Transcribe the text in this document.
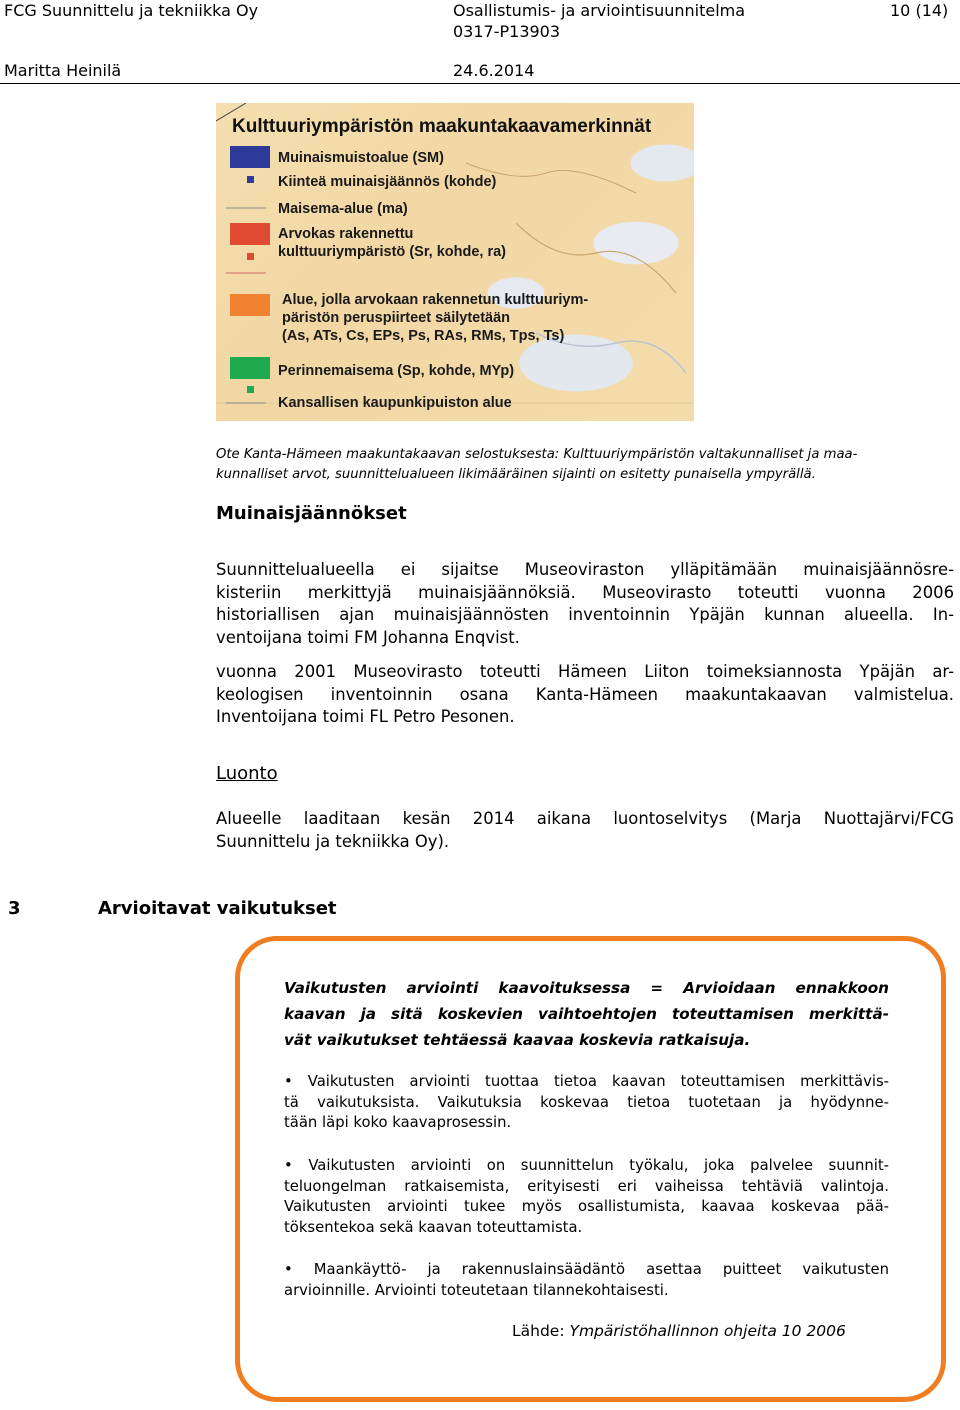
FCG Suunnittelu ja tekniikka Oy	Osallistumis- ja arviointisuunnitelma
0317-P13903
10 (14)
Maritta Heinilä	24.6.2014
Kulttuuriympäristön maakuntakaavamerkinnät
Muinaismuistoalue (SM)
Kiinteä muinaisjäännös (kohde)
Maisema-alue (ma)
Arvokas rakennettu
kulttuuriympäristö (Sr, kohde, ra)
Alue, jolla arvokaan rakennetun kulttuuriym-
päristön peruspiirteet säilytetään
(As, ATs, Cs, EPs, Ps, RAs, RMs, Tps, Ts)
Perinnemaisema (Sp, kohde, MYp)
Kansallisen kaupunkipuiston alue
Ote Kanta-Hämeen maakuntakaavan selostuksesta: Kulttuuriympäristön valtakunnalliset ja maa-
kunnalliset arvot, suunnittelualueen likimääräinen sijainti on esitetty punaisella ympyrällä.
Muinaisjäännökset
Suunnittelualueella ei sijaitse Museoviraston ylläpitämään muinaisjäännösre-
kisteriin merkittyjä muinaisjäännöksiä. Museovirasto toteutti vuonna 2006
historiallisen ajan muinaisjäännösten inventoinnin Ypäjän kunnan alueella. In-
ventoijana toimi FM Johanna Enqvist.
vuonna 2001 Museovirasto toteutti Hämeen Liiton toimeksiannosta Ypäjän ar-
keologisen inventoinnin osana Kanta-Hämeen maakuntakaavan valmistelua.
Inventoijana toimi FL Petro Pesonen.
Luonto
Alueelle laaditaan kesän 2014 aikana luontoselvitys (Marja Nuottajärvi/FCG
Suunnittelu ja tekniikka Oy).
3	Arvioitavat vaikutukset
Vaikutusten arviointi kaavoituksessa = Arvioidaan ennakkoon
kaavan ja sitä koskevien vaihtoehtojen toteuttamisen merkittä-
vät vaikutukset tehtäessä kaavaa koskevia ratkaisuja.
• Vaikutusten arviointi tuottaa tietoa kaavan toteuttamisen merkittävis-
tä vaikutuksista. Vaikutuksia koskevaa tietoa tuotetaan ja hyödynne-
tään läpi koko kaavaprosessin.
• Vaikutusten arviointi on suunnittelun työkalu, joka palvelee suunnit-
teluongelman ratkaisemista, erityisesti eri vaiheissa tehtäviä valintoja.
Vaikutusten arviointi tukee myös osallistumista, kaavaa koskevaa pää-
töksentekoa sekä kaavan toteuttamista.
• Maankäyttö- ja rakennuslainsäädäntö asettaa puitteet vaikutusten
arvioinnille. Arviointi toteutetaan tilannekohtaisesti.
Lähde: Ympäristöhallinnon ohjeita 10 2006
